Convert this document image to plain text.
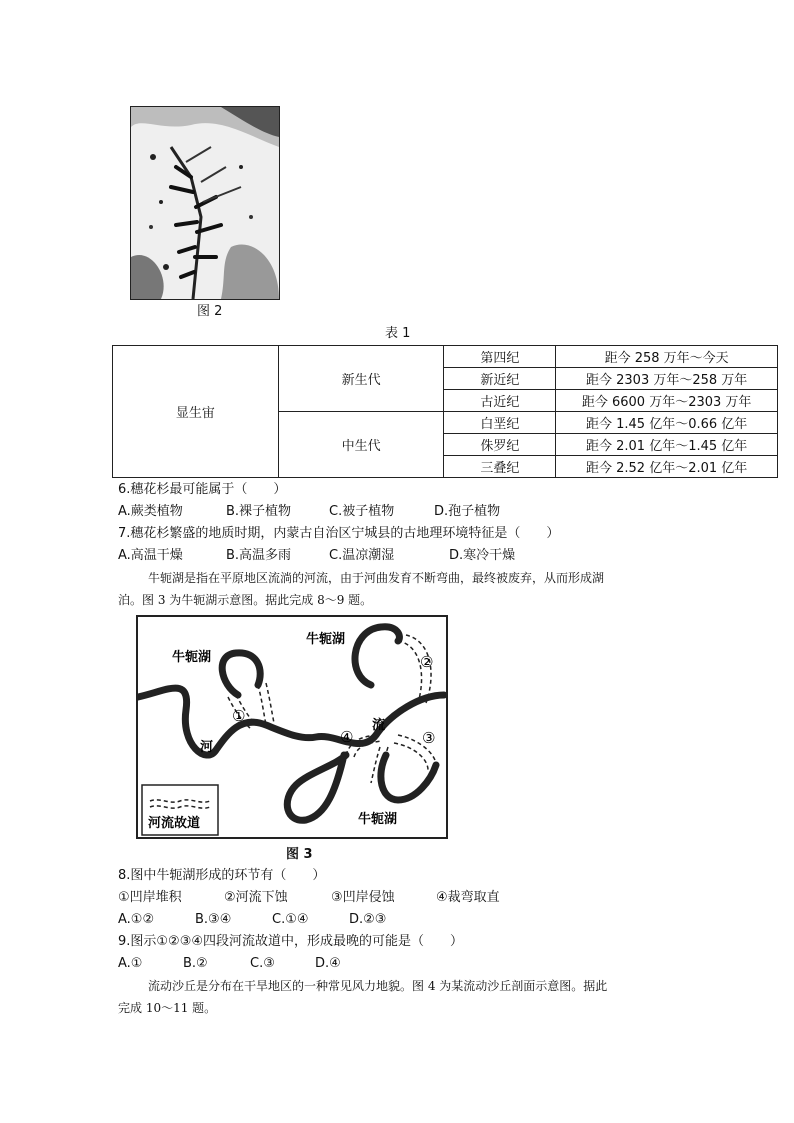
图 2
表 1
显生宙	新生代	第四纪	距今 258 万年～今天
		新近纪	距今 2303 万年～258 万年
		古近纪	距今 6600 万年～2303 万年
	中生代	白垩纪	距今 1.45 亿年～0.66 亿年
		侏罗纪	距今 2.01 亿年～1.45 亿年
		三叠纪	距今 2.52 亿年～2.01 亿年
6.穗花杉最可能属于（　　）
A.蕨类植物	B.裸子植物	C.被子植物	D.孢子植物
7.穗花杉繁盛的地质时期，内蒙古自治区宁城县的古地理环境特征是（　　）
A.高温干燥	B.高温多雨	C.温凉潮湿	D.寒冷干燥
牛轭湖是指在平原地区流淌的河流，由于河曲发育不断弯曲，最终被废弃，从而形成湖
泊。图 3 为牛轭湖示意图。据此完成 8～9 题。
牛轭湖
牛轭湖
牛轭湖
河
流
①
②
③
④
河流故道
图 3
8.图中牛轭湖形成的环节有（　　）
①凹岸堆积	②河流下蚀	③凹岸侵蚀	④裁弯取直
A.①②	B.③④	C.①④	D.②③
9.图示①②③④四段河流故道中，形成最晚的可能是（　　）
A.①	B.②	C.③	D.④
流动沙丘是分布在干旱地区的一种常见风力地貌。图 4 为某流动沙丘剖面示意图。据此
完成 10～11 题。
